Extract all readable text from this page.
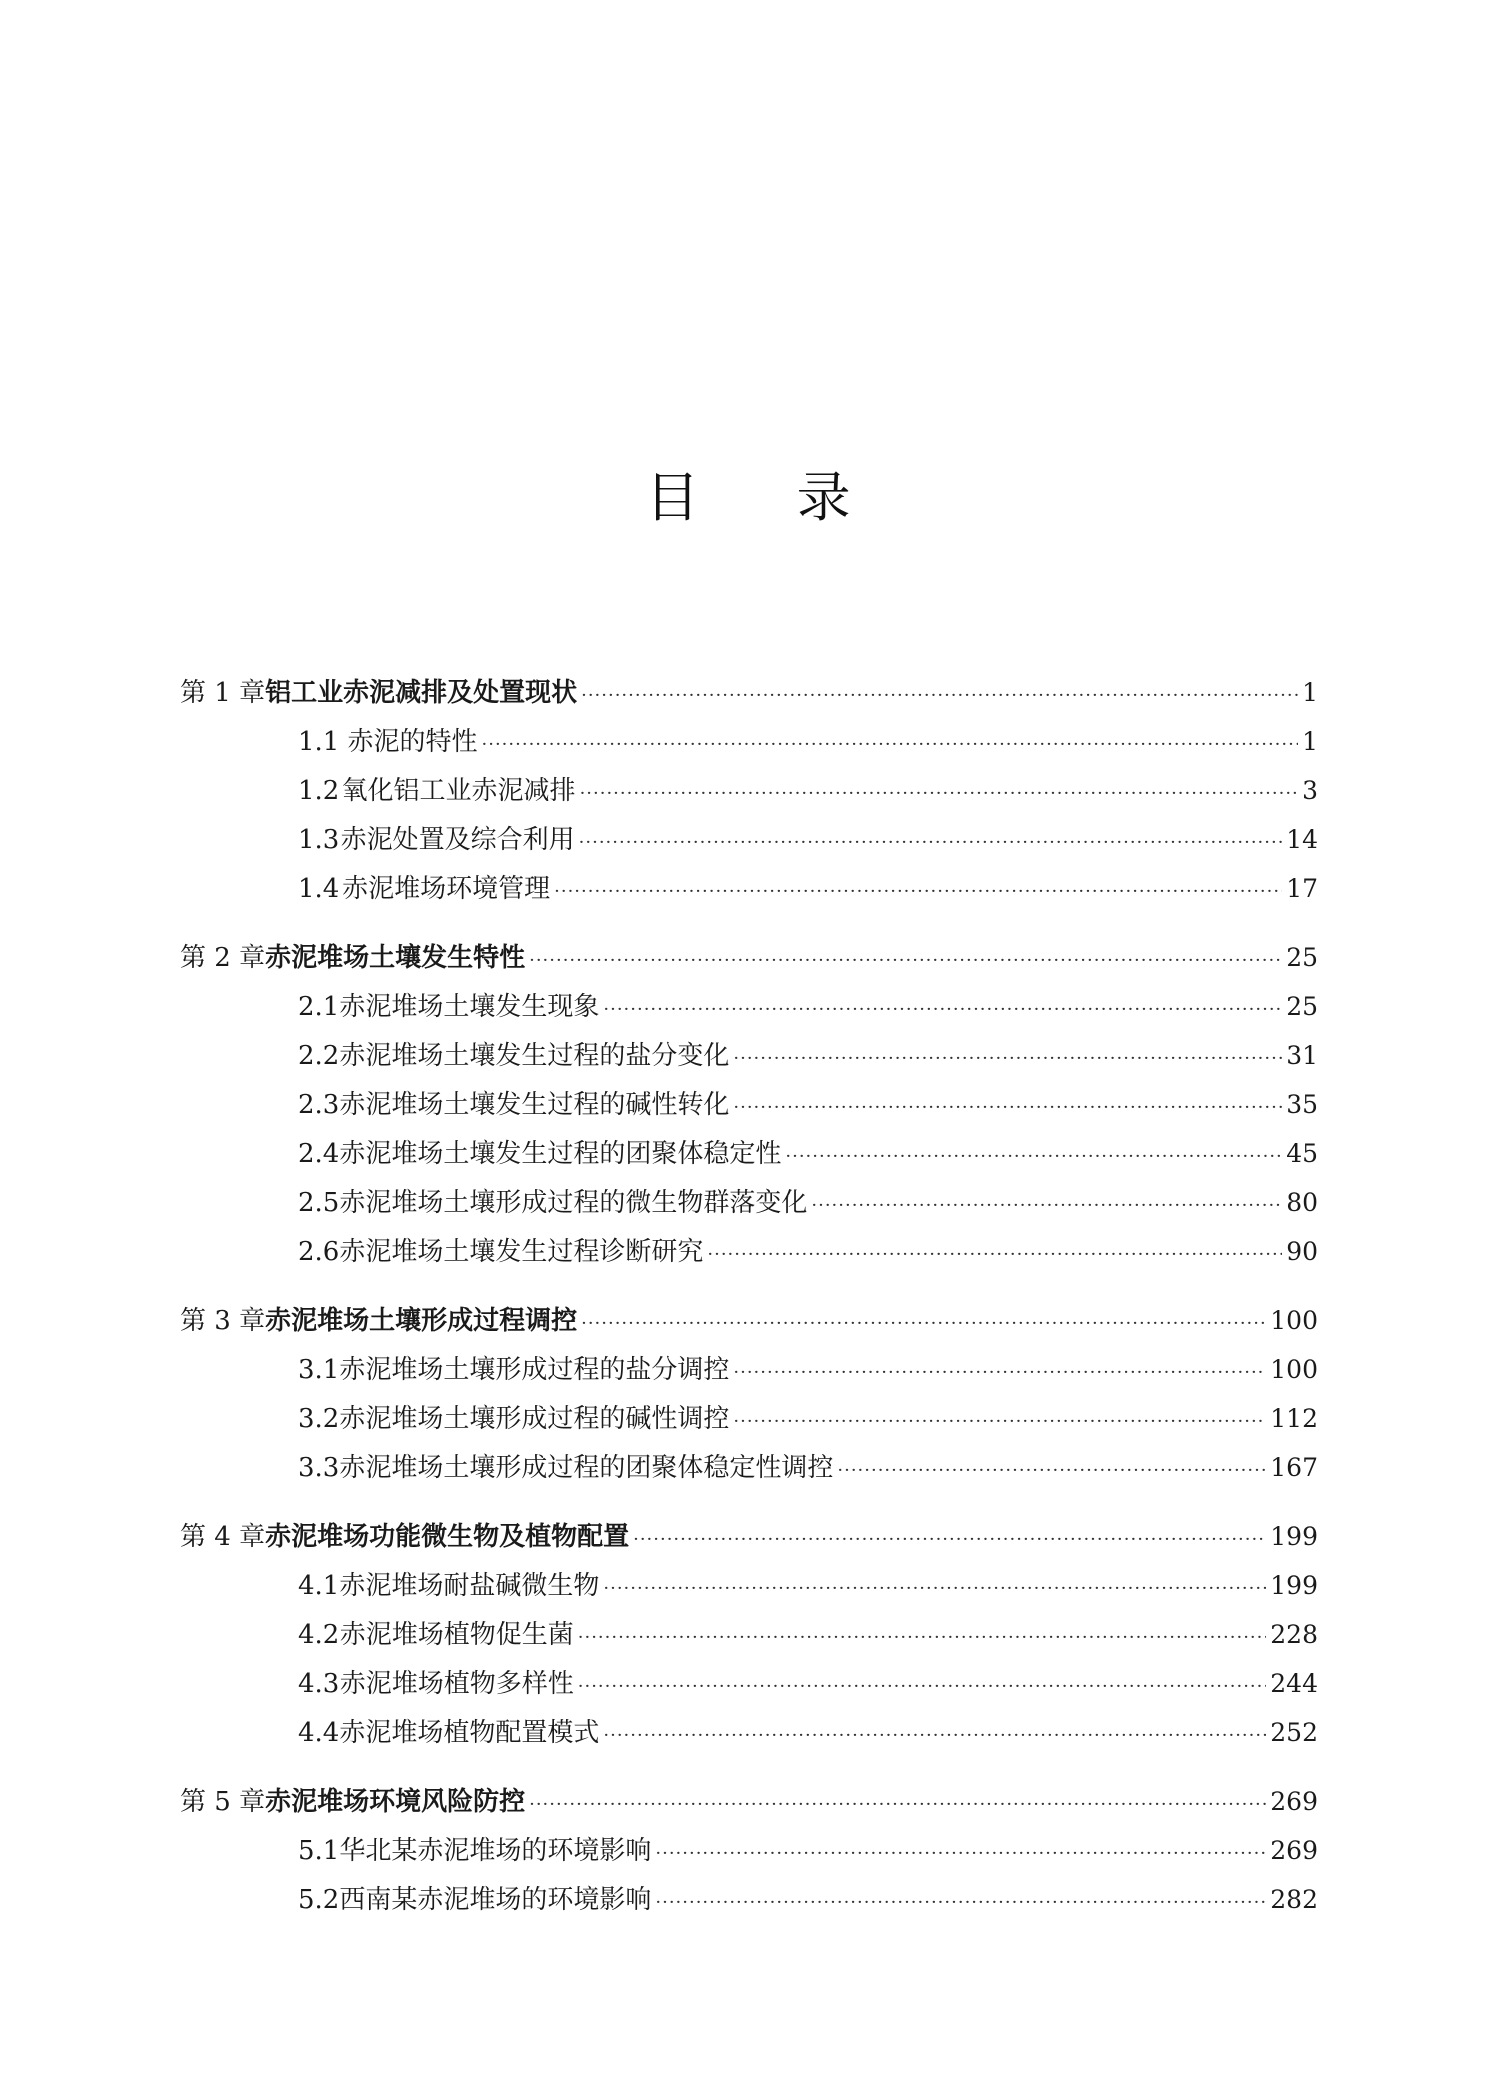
目 录
第 1 章 铝工业赤泥减排及处置现状 ·····	1
1.1 赤泥的特性 ·····	1
1.2 氧化铝工业赤泥减排 ·····	3
1.3 赤泥处置及综合利用 ·····	14
1.4 赤泥堆场环境管理 ·····	17
第 2 章 赤泥堆场土壤发生特性 ·····	25
2.1 赤泥堆场土壤发生现象 ·····	25
2.2 赤泥堆场土壤发生过程的盐分变化 ·····	31
2.3 赤泥堆场土壤发生过程的碱性转化 ·····	35
2.4 赤泥堆场土壤发生过程的团聚体稳定性 ·····	45
2.5 赤泥堆场土壤形成过程的微生物群落变化 ·····	80
2.6 赤泥堆场土壤发生过程诊断研究 ·····	90
第 3 章 赤泥堆场土壤形成过程调控 ·····	100
3.1 赤泥堆场土壤形成过程的盐分调控 ·····	100
3.2 赤泥堆场土壤形成过程的碱性调控 ·····	112
3.3 赤泥堆场土壤形成过程的团聚体稳定性调控 ·····	167
第 4 章 赤泥堆场功能微生物及植物配置 ·····	199
4.1 赤泥堆场耐盐碱微生物 ·····	199
4.2 赤泥堆场植物促生菌 ·····	228
4.3 赤泥堆场植物多样性 ·····	244
4.4 赤泥堆场植物配置模式 ·····	252
第 5 章 赤泥堆场环境风险防控 ·····	269
5.1 华北某赤泥堆场的环境影响 ·····	269
5.2 西南某赤泥堆场的环境影响 ·····	282
